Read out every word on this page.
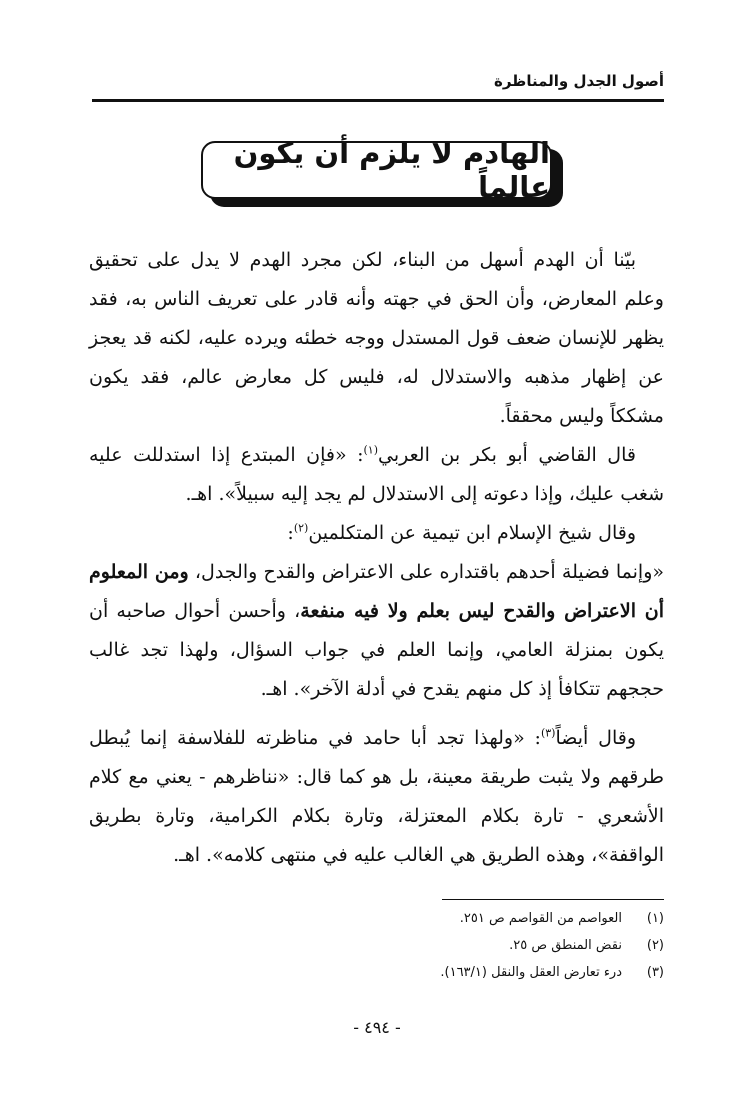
أصول الجدل والمناظرة
الهادم لا يلزم أن يكون عالماً

بيّنا أن الهدم أسهل من البناء، لكن مجرد الهدم لا يدل على تحقيق وعلم المعارض، وأن الحق في جهته وأنه قادر على تعريف الناس به، فقد يظهر للإنسان ضعف قول المستدل ووجه خطئه ويرده عليه، لكنه قد يعجز عن إظهار مذهبه والاستدلال له، فليس كل معارض عالم، فقد يكون مشككاً وليس محققاً.

قال القاضي أبو بكر بن العربي$^{(١)}$: «فإن المبتدع إذا استدللت عليه شغب عليك، وإذا دعوته إلى الاستدلال لم يجد إليه سبيلاً». اهـ.

وقال شيخ الإسلام ابن تيمية عن المتكلمين$^{(٢)}$:

«وإنما فضيلة أحدهم باقتداره على الاعتراض والقدح والجدل، ومن المعلوم أن الاعتراض والقدح ليس بعلم ولا فيه منفعة، وأحسن أحوال صاحبه أن يكون بمنزلة العامي، وإنما العلم في جواب السؤال، ولهذا تجد غالب حججهم تتكافأ إذ كل منهم يقدح في أدلة الآخر». اهـ.

وقال أيضاً$^{(٣)}$: «ولهذا تجد أبا حامد في مناظرته للفلاسفة إنما يُبطل طرقهم ولا يثبت طريقة معينة، بل هو كما قال: «نناظرهم - يعني مع كلام الأشعري - تارة بكلام المعتزلة، وتارة بكلام الكرامية، وتارة بطريق الواقفة»، وهذه الطريق هي الغالب عليه في منتهى كلامه». اهـ.

(١)
العواصم من القواصم ص ٢٥١.
(٢)
نقض المنطق ص ٢٥.
(٣)
درء تعارض العقل والنقل (١٦٣/١).
- ٤٩٤ -
